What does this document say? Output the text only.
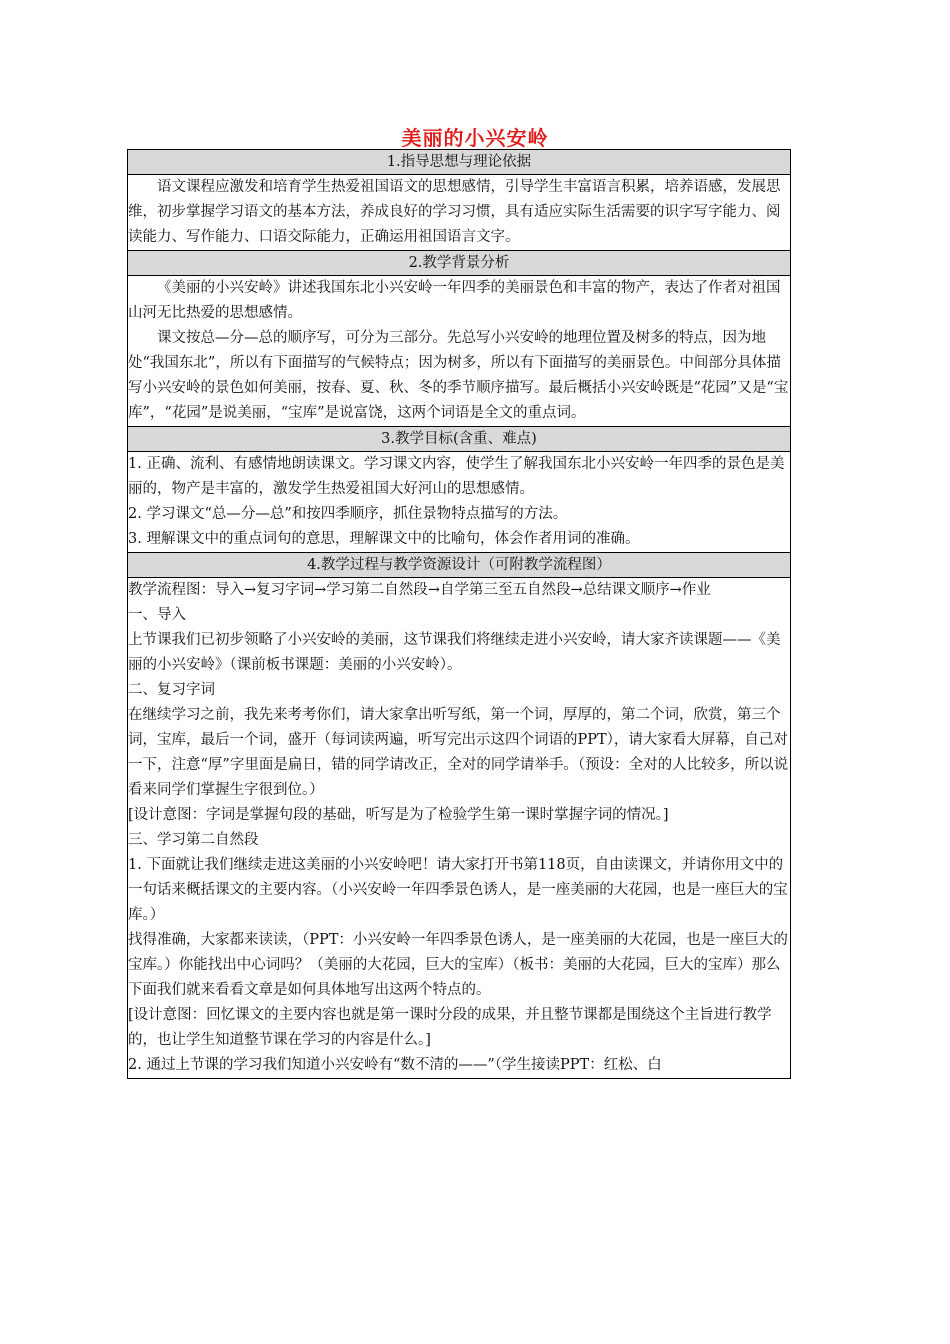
美丽的小兴安岭
1.指导思想与理论依据

语文课程应激发和培育学生热爱祖国语文的思想感情，引导学生丰富语言积累，培养语感，发展思维，初步掌握学习语文的基本方法，养成良好的学习习惯，具有适应实际生活需要的识字写字能力、阅读能力、写作能力、口语交际能力，正确运用祖国语言文字。

2.教学背景分析

《美丽的小兴安岭》讲述我国东北小兴安岭一年四季的美丽景色和丰富的物产，表达了作者对祖国山河无比热爱的思想感情。

课文按总—分—总的顺序写，可分为三部分。先总写小兴安岭的地理位置及树多的特点，因为地处“我国东北”，所以有下面描写的气候特点；因为树多，所以有下面描写的美丽景色。中间部分具体描写小兴安岭的景色如何美丽，按春、夏、秋、冬的季节顺序描写。最后概括小兴安岭既是“花园”又是“宝库”，“花园”是说美丽，“宝库”是说富饶，这两个词语是全文的重点词。

3.教学目标(含重、难点)

1. 正确、流利、有感情地朗读课文。学习课文内容，使学生了解我国东北小兴安岭一年四季的景色是美丽的，物产是丰富的，激发学生热爱祖国大好河山的思想感情。

2. 学习课文“总—分—总”和按四季顺序，抓住景物特点描写的方法。

3. 理解课文中的重点词句的意思，理解课文中的比喻句，体会作者用词的准确。

4.教学过程与教学资源设计（可附教学流程图）

教学流程图：导入→复习字词→学习第二自然段→自学第三至五自然段→总结课文顺序→作业

一、导入

上节课我们已初步领略了小兴安岭的美丽，这节课我们将继续走进小兴安岭，请大家齐读课题——《美丽的小兴安岭》（课前板书课题：美丽的小兴安岭）。

二、复习字词

在继续学习之前，我先来考考你们，请大家拿出听写纸，第一个词，厚厚的，第二个词，欣赏，第三个词，宝库，最后一个词，盛开（每词读两遍，听写完出示这四个词语的PPT），请大家看大屏幕，自己对一下，注意“厚”字里面是扁日，错的同学请改正，全对的同学请举手。（预设：全对的人比较多，所以说看来同学们掌握生字很到位。）

[设计意图：字词是掌握句段的基础，听写是为了检验学生第一课时掌握字词的情况。]

三、学习第二自然段

1. 下面就让我们继续走进这美丽的小兴安岭吧！请大家打开书第118页，自由读课文，并请你用文中的一句话来概括课文的主要内容。（小兴安岭一年四季景色诱人，是一座美丽的大花园，也是一座巨大的宝库。）

找得准确，大家都来读读，（PPT：小兴安岭一年四季景色诱人，是一座美丽的大花园，也是一座巨大的宝库。）你能找出中心词吗？（美丽的大花园，巨大的宝库）（板书：美丽的大花园，巨大的宝库）那么下面我们就来看看文章是如何具体地写出这两个特点的。

[设计意图：回忆课文的主要内容也就是第一课时分段的成果，并且整节课都是围绕这个主旨进行教学的，也让学生知道整节课在学习的内容是什么。]

2. 通过上节课的学习我们知道小兴安岭有“数不清的——”（学生接读PPT：红松、白
